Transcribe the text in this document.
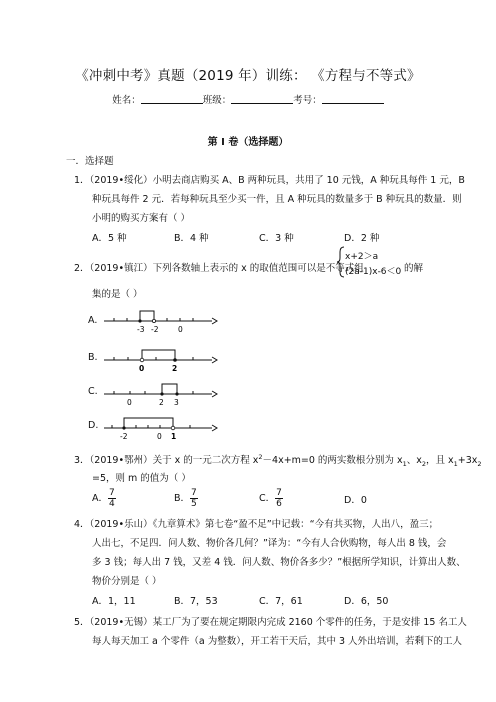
《冲刺中考》真题（2019 年）训练： 《方程与不等式》
姓名：	班级：	考号：
第 I 卷（选择题）
一．选择题
1．（2019•绥化）小明去商店购买 A、B 两种玩具，共用了 10 元钱，A 种玩具每件 1 元，B
种玩具每件 2 元．若每种玩具至少买一件，且 A 种玩具的数量多于 B 种玩具的数量．则
小明的购买方案有（ ）
A．5 种	B．4 种	C．3 种	D．2 种
2．（2019•镇江）下列各数轴上表示的 x 的取值范围可以是不等式组
x+2＞a
(2a-1)x-6＜0 的解
集的是（ ）
A.
-3 -2	0
B.
0	2
C.
0	2 3
D.
-2	0 1
3．（2019•鄂州）关于 x 的一元二次方程 $x^2-4x+m=0$ 的两实数根分别为 $x_1$、$x_2$，且 $x_1+3x_2$
=5，则 m 的值为（ ）
A． $\frac{7}{4}$	B． $\frac{7}{5}$	C． $\frac{7}{6}$	D．0
4．（2019•乐山）《九章算术》第七卷“盈不足”中记载：“今有共买物，人出八，盈三；
人出七，不足四．问人数、物价各几何？”译为：“今有人合伙购物，每人出 8 钱，会
多 3 钱；每人出 7 钱，又差 4 钱．问人数、物价各多少？”根据所学知识，计算出人数、
物价分别是（ ）
A．1，11	B．7，53	C．7，61	D．6，50
5．（2019•无锡）某工厂为了要在规定期限内完成 2160 个零件的任务，于是安排 15 名工人
每人每天加工 a 个零件（a 为整数），开工若干天后，其中 3 人外出培训，若剩下的工人
